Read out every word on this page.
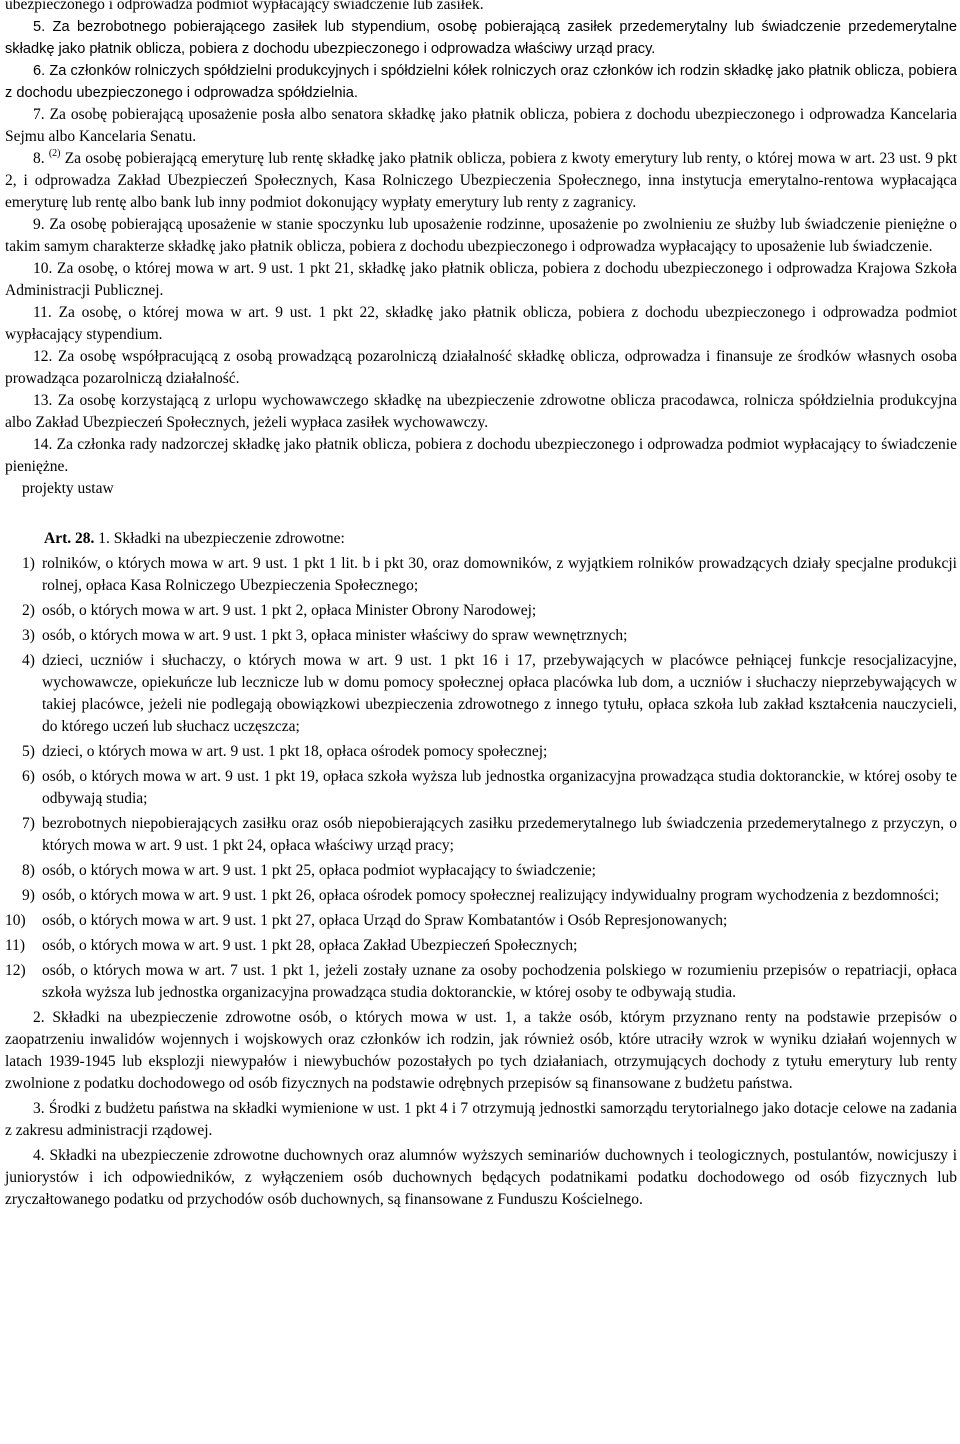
ubezpieczonego i odprowadza podmiot wypłacający świadczenie lub zasiłek.

5. Za bezrobotnego pobierającego zasiłek lub stypendium, osobę pobierającą zasiłek przedemerytalny lub świadczenie przedemerytalne składkę jako płatnik oblicza, pobiera z dochodu ubezpieczonego i odprowadza właściwy urząd pracy.

6. Za członków rolniczych spółdzielni produkcyjnych i spółdzielni kółek rolniczych oraz członków ich rodzin składkę jako płatnik oblicza, pobiera z dochodu ubezpieczonego i odprowadza spółdzielnia.

7. Za osobę pobierającą uposażenie posła albo senatora składkę jako płatnik oblicza, pobiera z dochodu ubezpieczonego i odprowadza Kancelaria Sejmu albo Kancelaria Senatu.

8. $^{(2)}$ Za osobę pobierającą emeryturę lub rentę składkę jako płatnik oblicza, pobiera z kwoty emerytury lub renty, o której mowa w art. 23 ust. 9 pkt 2, i odprowadza Zakład Ubezpieczeń Społecznych, Kasa Rolniczego Ubezpieczenia Społecznego, inna instytucja emerytalno-rentowa wypłacająca emeryturę lub rentę albo bank lub inny podmiot dokonujący wypłaty emerytury lub renty z zagranicy.

9. Za osobę pobierającą uposażenie w stanie spoczynku lub uposażenie rodzinne, uposażenie po zwolnieniu ze służby lub świadczenie pieniężne o takim samym charakterze składkę jako płatnik oblicza, pobiera z dochodu ubezpieczonego i odprowadza wypłacający to uposażenie lub świadczenie.

10. Za osobę, o której mowa w art. 9 ust. 1 pkt 21, składkę jako płatnik oblicza, pobiera z dochodu ubezpieczonego i odprowadza Krajowa Szkoła Administracji Publicznej.

11. Za osobę, o której mowa w art. 9 ust. 1 pkt 22, składkę jako płatnik oblicza, pobiera z dochodu ubezpieczonego i odprowadza podmiot wypłacający stypendium.

12. Za osobę współpracującą z osobą prowadzącą pozarolniczą działalność składkę oblicza, odprowadza i finansuje ze środków własnych osoba prowadząca pozarolniczą działalność.

13. Za osobę korzystającą z urlopu wychowawczego składkę na ubezpieczenie zdrowotne oblicza pracodawca, rolnicza spółdzielnia produkcyjna albo Zakład Ubezpieczeń Społecznych, jeżeli wypłaca zasiłek wychowawczy.

14. Za członka rady nadzorczej składkę jako płatnik oblicza, pobiera z dochodu ubezpieczonego i odprowadza podmiot wypłacający to świadczenie pieniężne.

projekty ustaw

Art. 28. 1. Składki na ubezpieczenie zdrowotne:

1) rolników, o których mowa w art. 9 ust. 1 pkt 1 lit. b i pkt 30, oraz domowników, z wyjątkiem rolników prowadzących działy specjalne produkcji rolnej, opłaca Kasa Rolniczego Ubezpieczenia Społecznego;
2) osób, o których mowa w art. 9 ust. 1 pkt 2, opłaca Minister Obrony Narodowej;
3) osób, o których mowa w art. 9 ust. 1 pkt 3, opłaca minister właściwy do spraw wewnętrznych;
4) dzieci, uczniów i słuchaczy, o których mowa w art. 9 ust. 1 pkt 16 i 17, przebywających w placówce pełniącej funkcje resocjalizacyjne, wychowawcze, opiekuńcze lub lecznicze lub w domu pomocy społecznej opłaca placówka lub dom, a uczniów i słuchaczy nieprzebywających w takiej placówce, jeżeli nie podlegają obowiązkowi ubezpieczenia zdrowotnego z innego tytułu, opłaca szkoła lub zakład kształcenia nauczycieli, do którego uczeń lub słuchacz uczęszcza;
5) dzieci, o których mowa w art. 9 ust. 1 pkt 18, opłaca ośrodek pomocy społecznej;
6) osób, o których mowa w art. 9 ust. 1 pkt 19, opłaca szkoła wyższa lub jednostka organizacyjna prowadząca studia doktoranckie, w której osoby te odbywają studia;
7) bezrobotnych niepobierających zasiłku oraz osób niepobierających zasiłku przedemerytalnego lub świadczenia przedemerytalnego z przyczyn, o których mowa w art. 9 ust. 1 pkt 24, opłaca właściwy urząd pracy;
8) osób, o których mowa w art. 9 ust. 1 pkt 25, opłaca podmiot wypłacający to świadczenie;
9) osób, o których mowa w art. 9 ust. 1 pkt 26, opłaca ośrodek pomocy społecznej realizujący indywidualny program wychodzenia z bezdomności;
10) osób, o których mowa w art. 9 ust. 1 pkt 27, opłaca Urząd do Spraw Kombatantów i Osób Represjonowanych;
11) osób, o których mowa w art. 9 ust. 1 pkt 28, opłaca Zakład Ubezpieczeń Społecznych;
12) osób, o których mowa w art. 7 ust. 1 pkt 1, jeżeli zostały uznane za osoby pochodzenia polskiego w rozumieniu przepisów o repatriacji, opłaca szkoła wyższa lub jednostka organizacyjna prowadząca studia doktoranckie, w której osoby te odbywają studia.

2. Składki na ubezpieczenie zdrowotne osób, o których mowa w ust. 1, a także osób, którym przyznano renty na podstawie przepisów o zaopatrzeniu inwalidów wojennych i wojskowych oraz członków ich rodzin, jak również osób, które utraciły wzrok w wyniku działań wojennych w latach 1939-1945 lub eksplozji niewypałów i niewybuchów pozostałych po tych działaniach, otrzymujących dochody z tytułu emerytury lub renty zwolnione z podatku dochodowego od osób fizycznych na podstawie odrębnych przepisów są finansowane z budżetu państwa.

3. Środki z budżetu państwa na składki wymienione w ust. 1 pkt 4 i 7 otrzymują jednostki samorządu terytorialnego jako dotacje celowe na zadania z zakresu administracji rządowej.

4. Składki na ubezpieczenie zdrowotne duchownych oraz alumnów wyższych seminariów duchownych i teologicznych, postulantów, nowicjuszy i juniorystów i ich odpowiedników, z wyłączeniem osób duchownych będących podatnikami podatku dochodowego od osób fizycznych lub zryczałtowanego podatku od przychodów osób duchownych, są finansowane z Funduszu Kościelnego.
